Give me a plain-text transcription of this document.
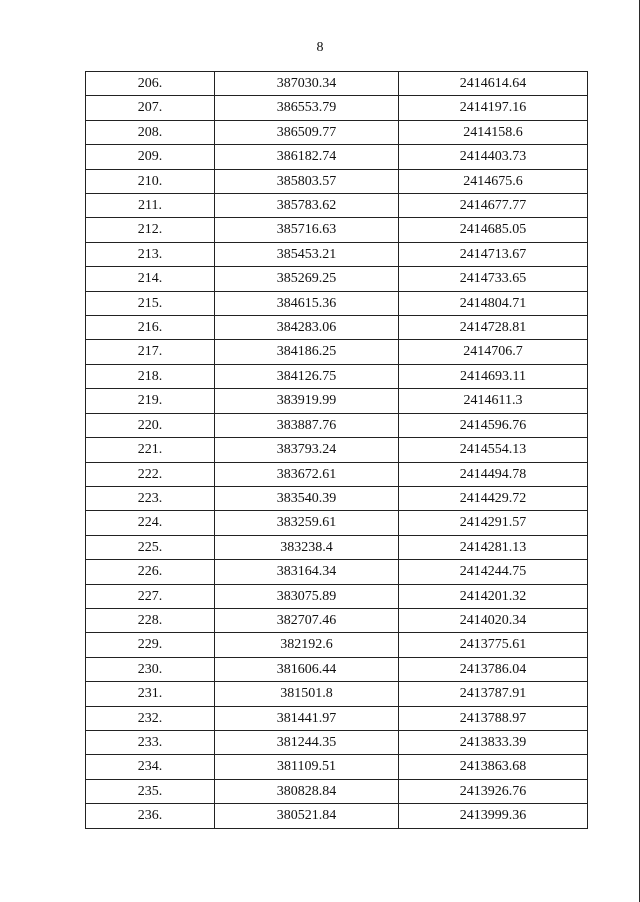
8
206.	387030.34	2414614.64
207.	386553.79	2414197.16
208.	386509.77	2414158.6
209.	386182.74	2414403.73
210.	385803.57	2414675.6
211.	385783.62	2414677.77
212.	385716.63	2414685.05
213.	385453.21	2414713.67
214.	385269.25	2414733.65
215.	384615.36	2414804.71
216.	384283.06	2414728.81
217.	384186.25	2414706.7
218.	384126.75	2414693.11
219.	383919.99	2414611.3
220.	383887.76	2414596.76
221.	383793.24	2414554.13
222.	383672.61	2414494.78
223.	383540.39	2414429.72
224.	383259.61	2414291.57
225.	383238.4	2414281.13
226.	383164.34	2414244.75
227.	383075.89	2414201.32
228.	382707.46	2414020.34
229.	382192.6	2413775.61
230.	381606.44	2413786.04
231.	381501.8	2413787.91
232.	381441.97	2413788.97
233.	381244.35	2413833.39
234.	381109.51	2413863.68
235.	380828.84	2413926.76
236.	380521.84	2413999.36
